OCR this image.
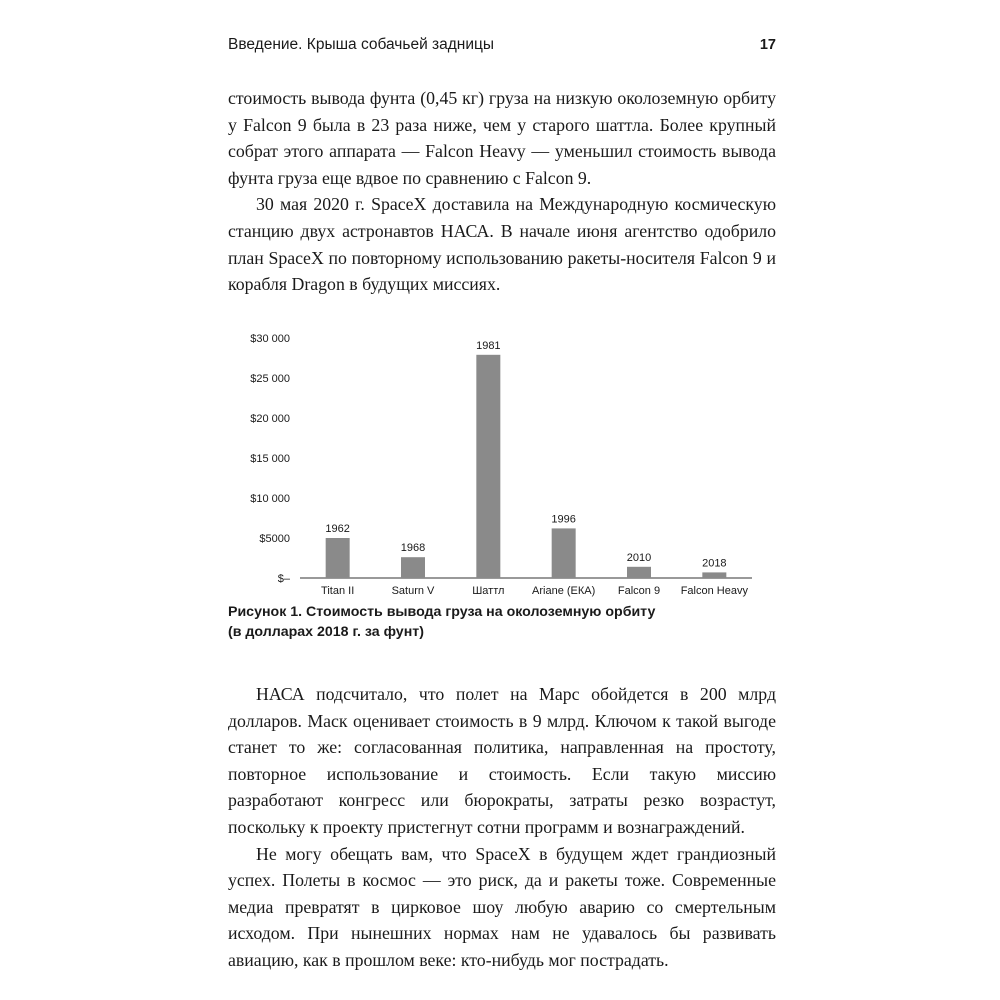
Введение. Крыша собачьей задницы	17

стоимость вывода фунта (0,45 кг) груза на низкую околоземную орбиту у Falcon 9 была в 23 раза ниже, чем у старого шаттла. Более крупный собрат этого аппарата — Falcon Heavy — уменьшил стоимость вывода фунта груза еще вдвое по сравнению с Falcon 9.

30 мая 2020 г. SpaceX доставила на Международную космическую станцию двух астронавтов НАСА. В начале июня агентство одобрило план SpaceX по повторному использованию ракеты-носителя Falcon 9 и корабля Dragon в будущих миссиях.

$–
$5000
$10 000
$15 000
$20 000
$25 000
$30 000
1962
Titan II
1968
Saturn V
1981
Шаттл
1996
Ariane (ЕКА)
2010
Falcon 9
2018
Falcon Heavy
Рисунок 1. Стоимость вывода груза на околоземную орбиту
(в долларах 2018 г. за фунт)

НАСА подсчитало, что полет на Марс обойдется в 200 млрд долларов. Маск оценивает стоимость в 9 млрд. Ключом к такой выгоде станет то же: согласованная политика, направленная на простоту, повторное использование и стоимость. Если такую миссию разработают конгресс или бюрократы, затраты резко возрастут, поскольку к проекту пристегнут сотни программ и вознаграждений.

Не могу обещать вам, что SpaceX в будущем ждет грандиозный успех. Полеты в космос — это риск, да и ракеты тоже. Современные медиа превратят в цирковое шоу любую аварию со смертельным исходом. При нынешних нормах нам не удавалось бы развивать авиацию, как в прошлом веке: кто-нибудь мог пострадать.
